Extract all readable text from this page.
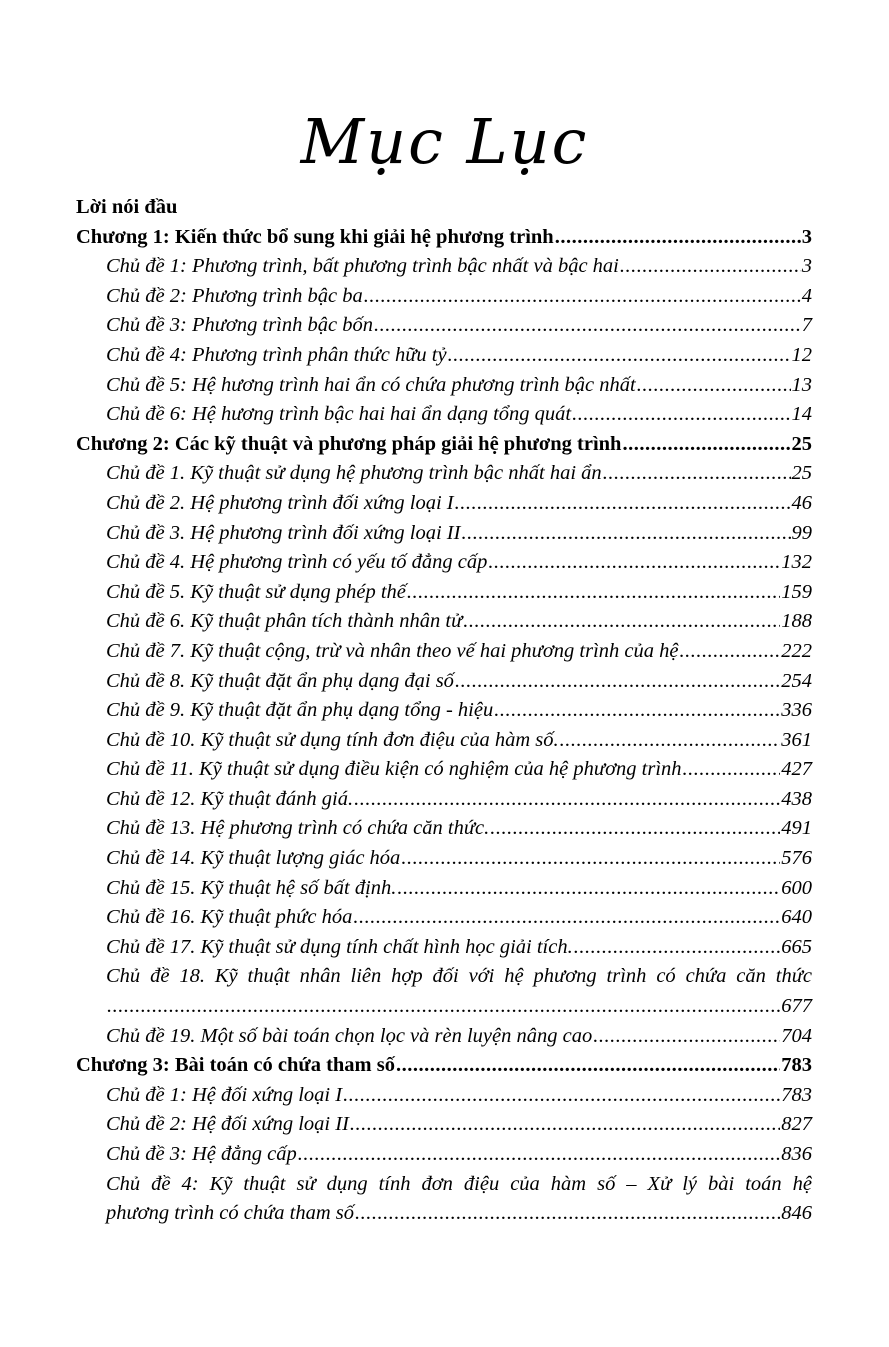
Mục Lục
Lời nói đầu
Chương 1: Kiến thức bổ sung khi giải hệ phương trình .....	3
Chủ đề 1: Phương trình, bất phương trình bậc nhất và bậc hai .....	3
Chủ đề 2: Phương trình bậc ba .....	4
Chủ đề 3: Phương trình bậc bốn .....	7
Chủ đề 4: Phương trình phân thức hữu tỷ .....	12
Chủ đề 5: Hệ hương trình hai ẩn có chứa phương trình bậc nhất .....	13
Chủ đề 6: Hệ hương trình bậc hai hai ẩn dạng tổng quát .....	14
Chương 2: Các kỹ thuật và phương pháp giải hệ phương trình .....	25
Chủ đề 1. Kỹ thuật sử dụng hệ phương trình bậc nhất hai ẩn .....	25
Chủ đề 2. Hệ phương trình đối xứng loại I .....	46
Chủ đề 3. Hệ phương trình đối xứng loại II .....	99
Chủ đề 4. Hệ phương trình có yếu tố đẳng cấp .....	132
Chủ đề 5. Kỹ thuật sử dụng phép thế .....	159
Chủ đề 6. Kỹ thuật phân tích thành nhân tử .....	188
Chủ đề 7. Kỹ thuật cộng, trừ và nhân theo vế hai phương trình của hệ .....	222
Chủ đề 8. Kỹ thuật đặt ẩn phụ dạng đại số .....	254
Chủ đề 9. Kỹ thuật đặt ẩn phụ dạng tổng - hiệu .....	336
Chủ đề 10. Kỹ thuật sử dụng tính đơn điệu của hàm số. .....	361
Chủ đề 11. Kỹ thuật sử dụng điều kiện có nghiệm của hệ phương trình .....	427
Chủ đề 12. Kỹ thuật đánh giá. .....	438
Chủ đề 13. Hệ phương trình có chứa căn thức. .....	491
Chủ đề 14. Kỹ thuật lượng giác hóa .....	576
Chủ đề 15. Kỹ thuật hệ số bất định. .....	600
Chủ đề 16. Kỹ thuật phức hóa .....	640
Chủ đề 17. Kỹ thuật sử dụng tính chất hình học giải tích. .....	665
Chủ đề 18. Kỹ thuật nhân liên hợp đối với hệ phương trình có chứa căn thức
.....
677
Chủ đề 19. Một số bài toán chọn lọc và rèn luyện nâng cao .....	704
Chương 3: Bài toán có chứa tham số .....	783
Chủ đề 1: Hệ đối xứng loại I .....	783
Chủ đề 2: Hệ đối xứng loại II .....	827
Chủ đề 3: Hệ đẳng cấp .....	836
Chủ đề 4: Kỹ thuật sử dụng tính đơn điệu của hàm số – Xử lý bài toán hệ
phương trình có chứa tham số .....	846
